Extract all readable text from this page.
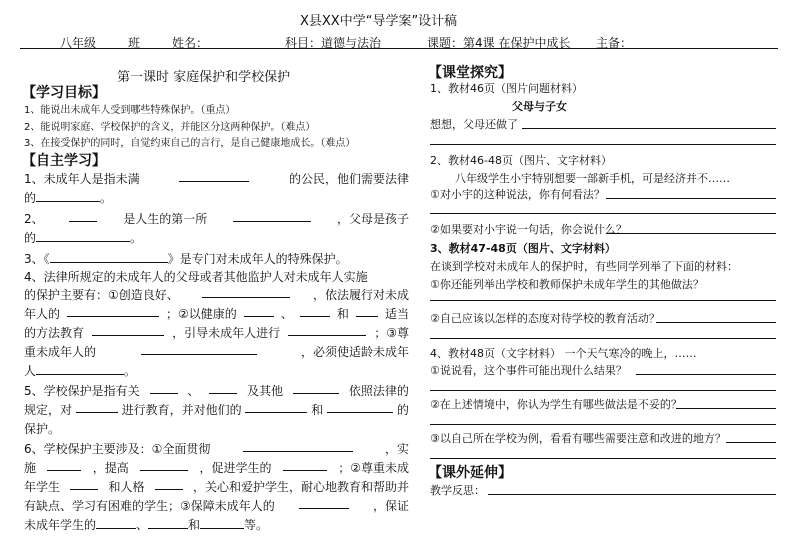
X县XX中学“导学案”设计稿
八年级	班	姓名：	科目：道德与法治	课题：第4课 在保护中成长 主备：
第一课时 家庭保护和学校保护
【学习目标】
1、能说出未成年人受到哪些特殊保护。（重点）
2、能说明家庭、学校保护的含义，并能区分这两种保护。（难点）
3、在接受保护的同时，自觉约束自己的言行，是自己健康地成长。（难点）
【自主学习】
1、未成年人是指未满	的公民，他们需要法律
的	。
2、	是人生的第一所	，父母是孩子
的	。
3、《	》是专门对未成年人的特殊保护。
4、法律所规定的未成年人的父母或者其他监护人对未成年人实施
的保护主要有：①创造良好、	，依法履行对未成
年人的	；②以健康的	、	和	适当
的方法教育	，引导未成年人进行	；③尊
重未成年人的	，必须使适龄未成年
人	。
5、学校保护是指有关	、	及其他	依照法律的
规定，对	进行教育，并对他们的	和	的
保护。
6、学校保护主要涉及：①全面贯彻	，实
施	，提高	，促进学生的	；②尊重未成
年学生	和人格	，关心和爱护学生，耐心地教育和帮助并
有缺点、学习有困难的学生；③保障未成年人的	，保证
未成年学生的	、	和	等。
【课堂探究】
1、教材46页（图片问题材料）
父母与子女
想想，父母还做了
2、教材46-48页（图片、文字材料）
八年级学生小宇特别想要一部新手机，可是经济并不……
①对小宇的这种说法，你有何看法？
②如果要对小宇说一句话，你会说什么？
3、教材47-48页（图片、文字材料）
在谈到学校对未成年人的保护时，有些同学列举了下面的材料：
①你还能列举出学校和教师保护未成年学生的其他做法？
②自己应该以怎样的态度对待学校的教育活动？
4、教材48页（文字材料） 一个天气寒冷的晚上，……
①说说看，这个事件可能出现什么结果？
②在上述情境中，你认为学生有哪些做法是不妥的？
③以自己所在学校为例，看看有哪些需要注意和改进的地方？
【课外延伸】
教学反思：
